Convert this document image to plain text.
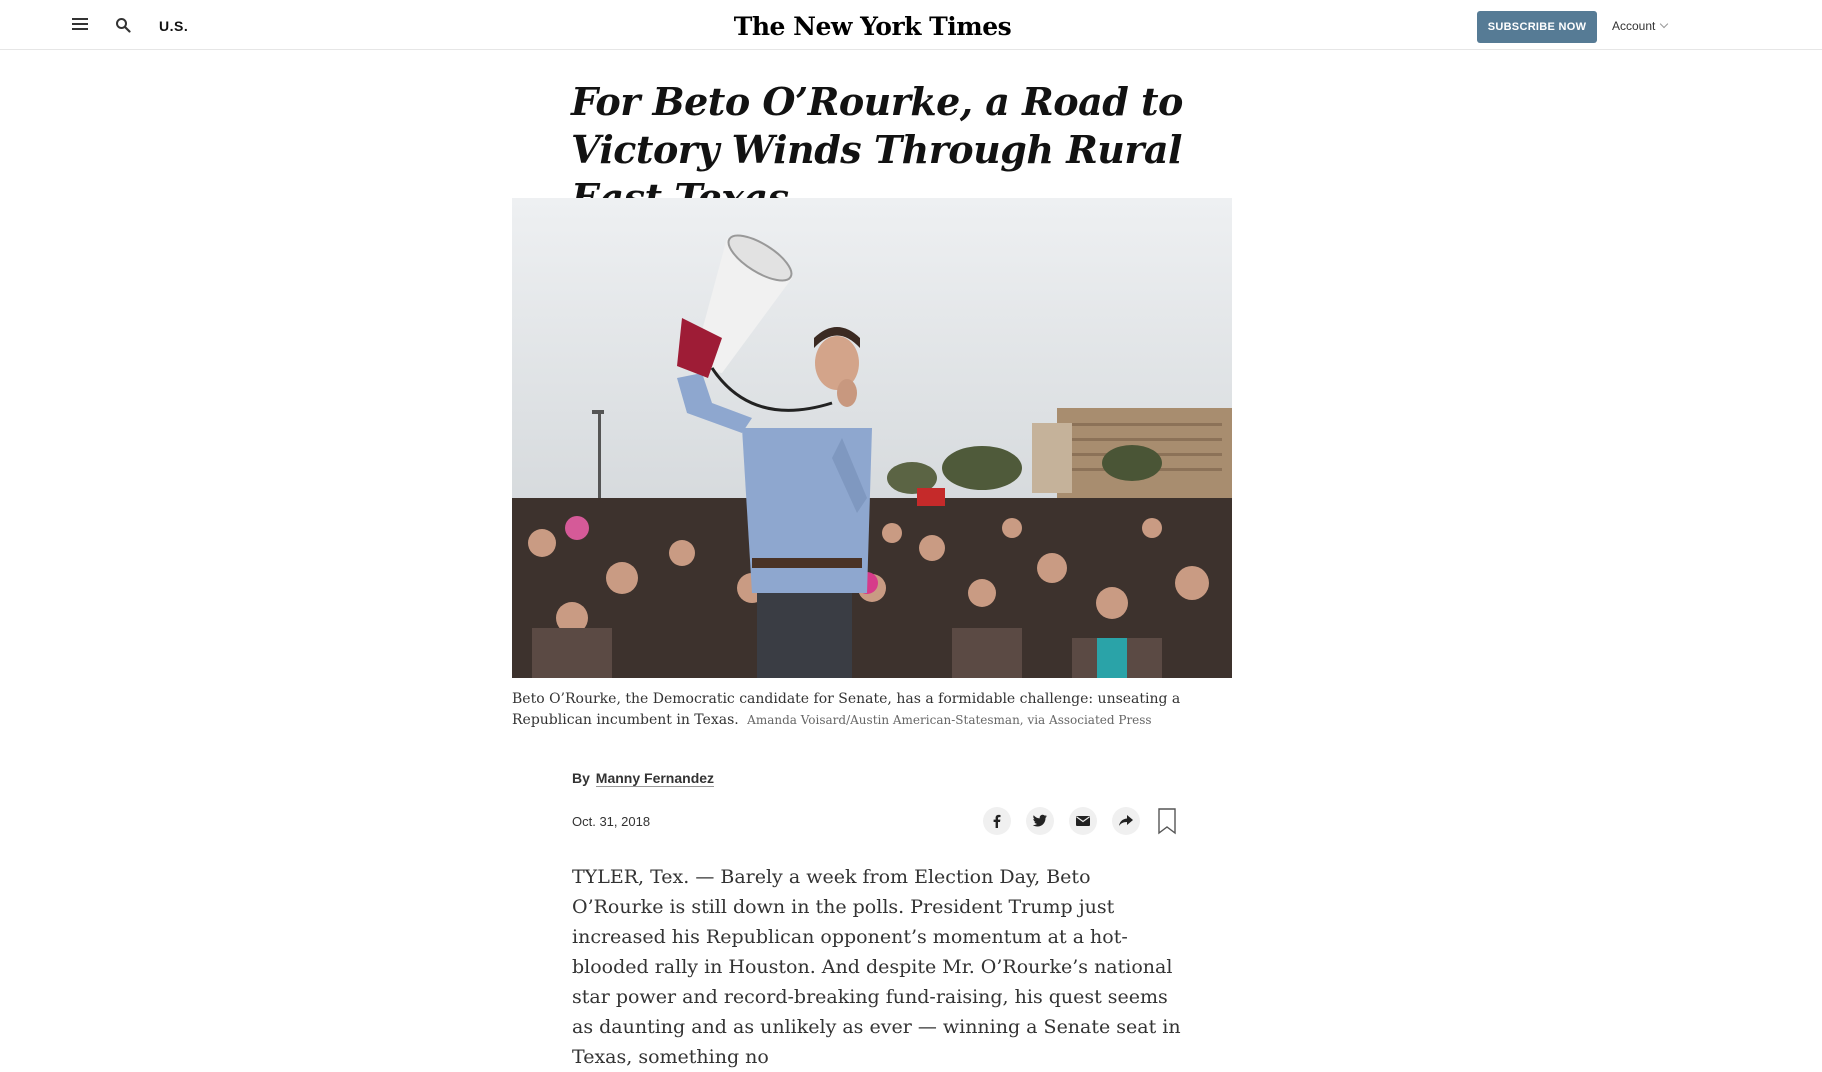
U.S.	The New York Times	SUBSCRIBE NOW	Account
For Beto O’Rourke, a Road to Victory Winds Through Rural
Beto O’Rourke, the Democratic candidate for Senate, has a formidable challenge: unseating a Republican incumbent in Texas. Amanda Voisard/Austin American-Statesman, via Associated Press
By Manny Fernandez
Oct. 31, 2018

TYLER, Tex. — Barely a week from Election Day, Beto O’Rourke is still down in the polls. President Trump just increased his Republican opponent’s momentum at a hot-blooded rally in Houston. And despite Mr. O’Rourke’s national star power and record-breaking fund-raising, his quest seems as daunting and as unlikely as ever — winning a Senate seat in Texas, something no
